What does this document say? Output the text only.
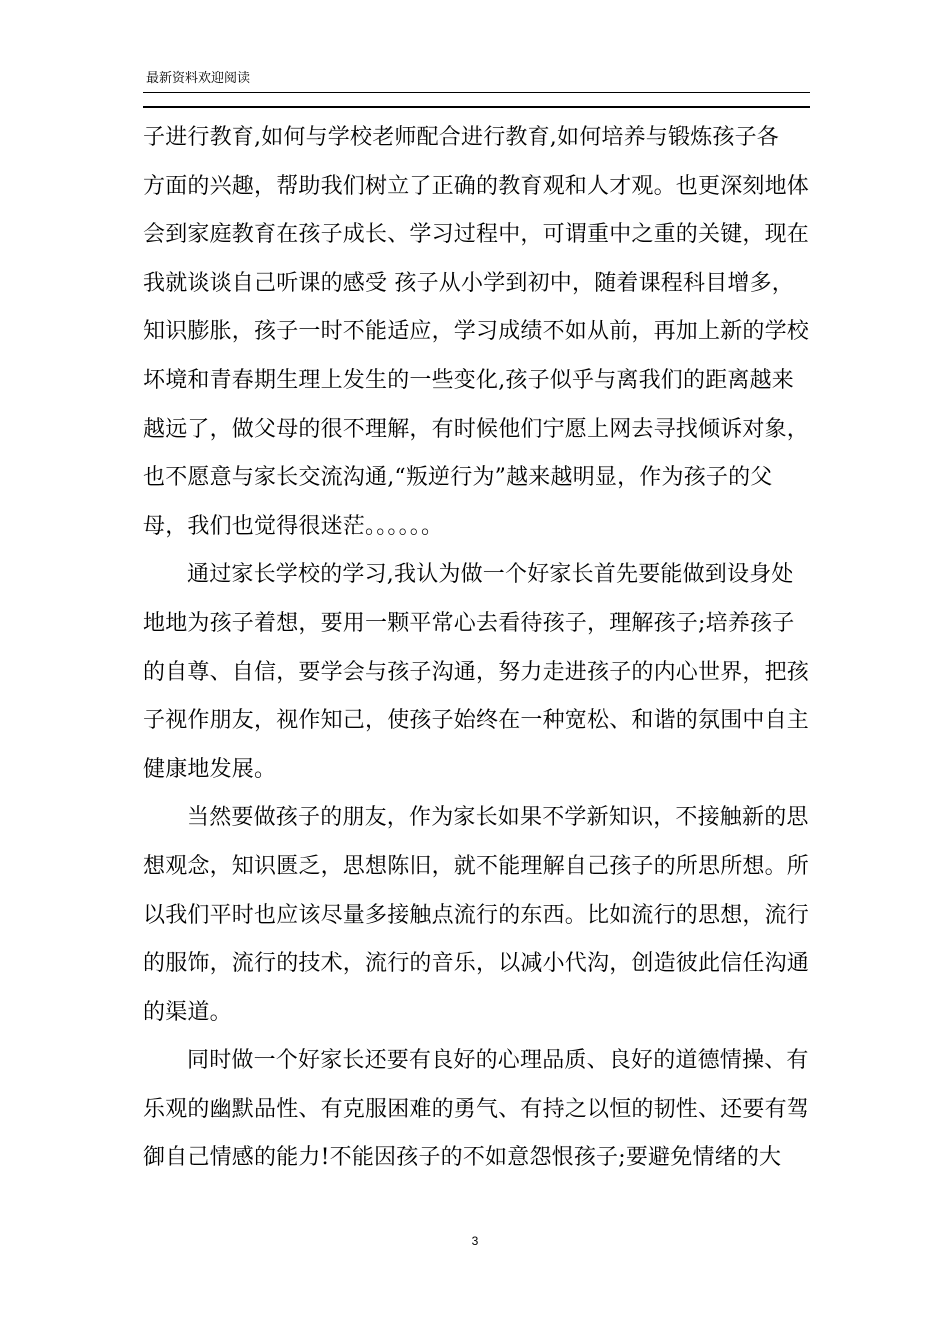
最新资料欢迎阅读
子进行教育,如何与学校老师配合进行教育,如何培养与锻炼孩子各
方面的兴趣，帮助我们树立了正确的教育观和人才观。也更深刻地体
会到家庭教育在孩子成长、学习过程中，可谓重中之重的关键，现在
我就谈谈自己听课的感受 孩子从小学到初中，随着课程科目增多，
知识膨胀，孩子一时不能适应，学习成绩不如从前，再加上新的学校
坏境和青春期生理上发生的一些变化,孩子似乎与离我们的距离越来
越远了，做父母的很不理解，有时候他们宁愿上网去寻找倾诉对象，
也不愿意与家长交流沟通,“叛逆行为”越来越明显，作为孩子的父
母，我们也觉得很迷茫。。。。。。
通过家长学校的学习,我认为做一个好家长首先要能做到设身处
地地为孩子着想，要用一颗平常心去看待孩子，理解孩子;培养孩子
的自尊、自信，要学会与孩子沟通，努力走进孩子的内心世界，把孩
子视作朋友，视作知己，使孩子始终在一种宽松、和谐的氛围中自主
健康地发展。
当然要做孩子的朋友，作为家长如果不学新知识，不接触新的思
想观念，知识匮乏，思想陈旧，就不能理解自己孩子的所思所想。所
以我们平时也应该尽量多接触点流行的东西。比如流行的思想，流行
的服饰，流行的技术，流行的音乐，以减小代沟，创造彼此信任沟通
的渠道。
同时做一个好家长还要有良好的心理品质、良好的道德情操、有
乐观的幽默品性、有克服困难的勇气、有持之以恒的韧性、还要有驾
御自己情感的能力!不能因孩子的不如意怨恨孩子;要避免情绪的大
3
